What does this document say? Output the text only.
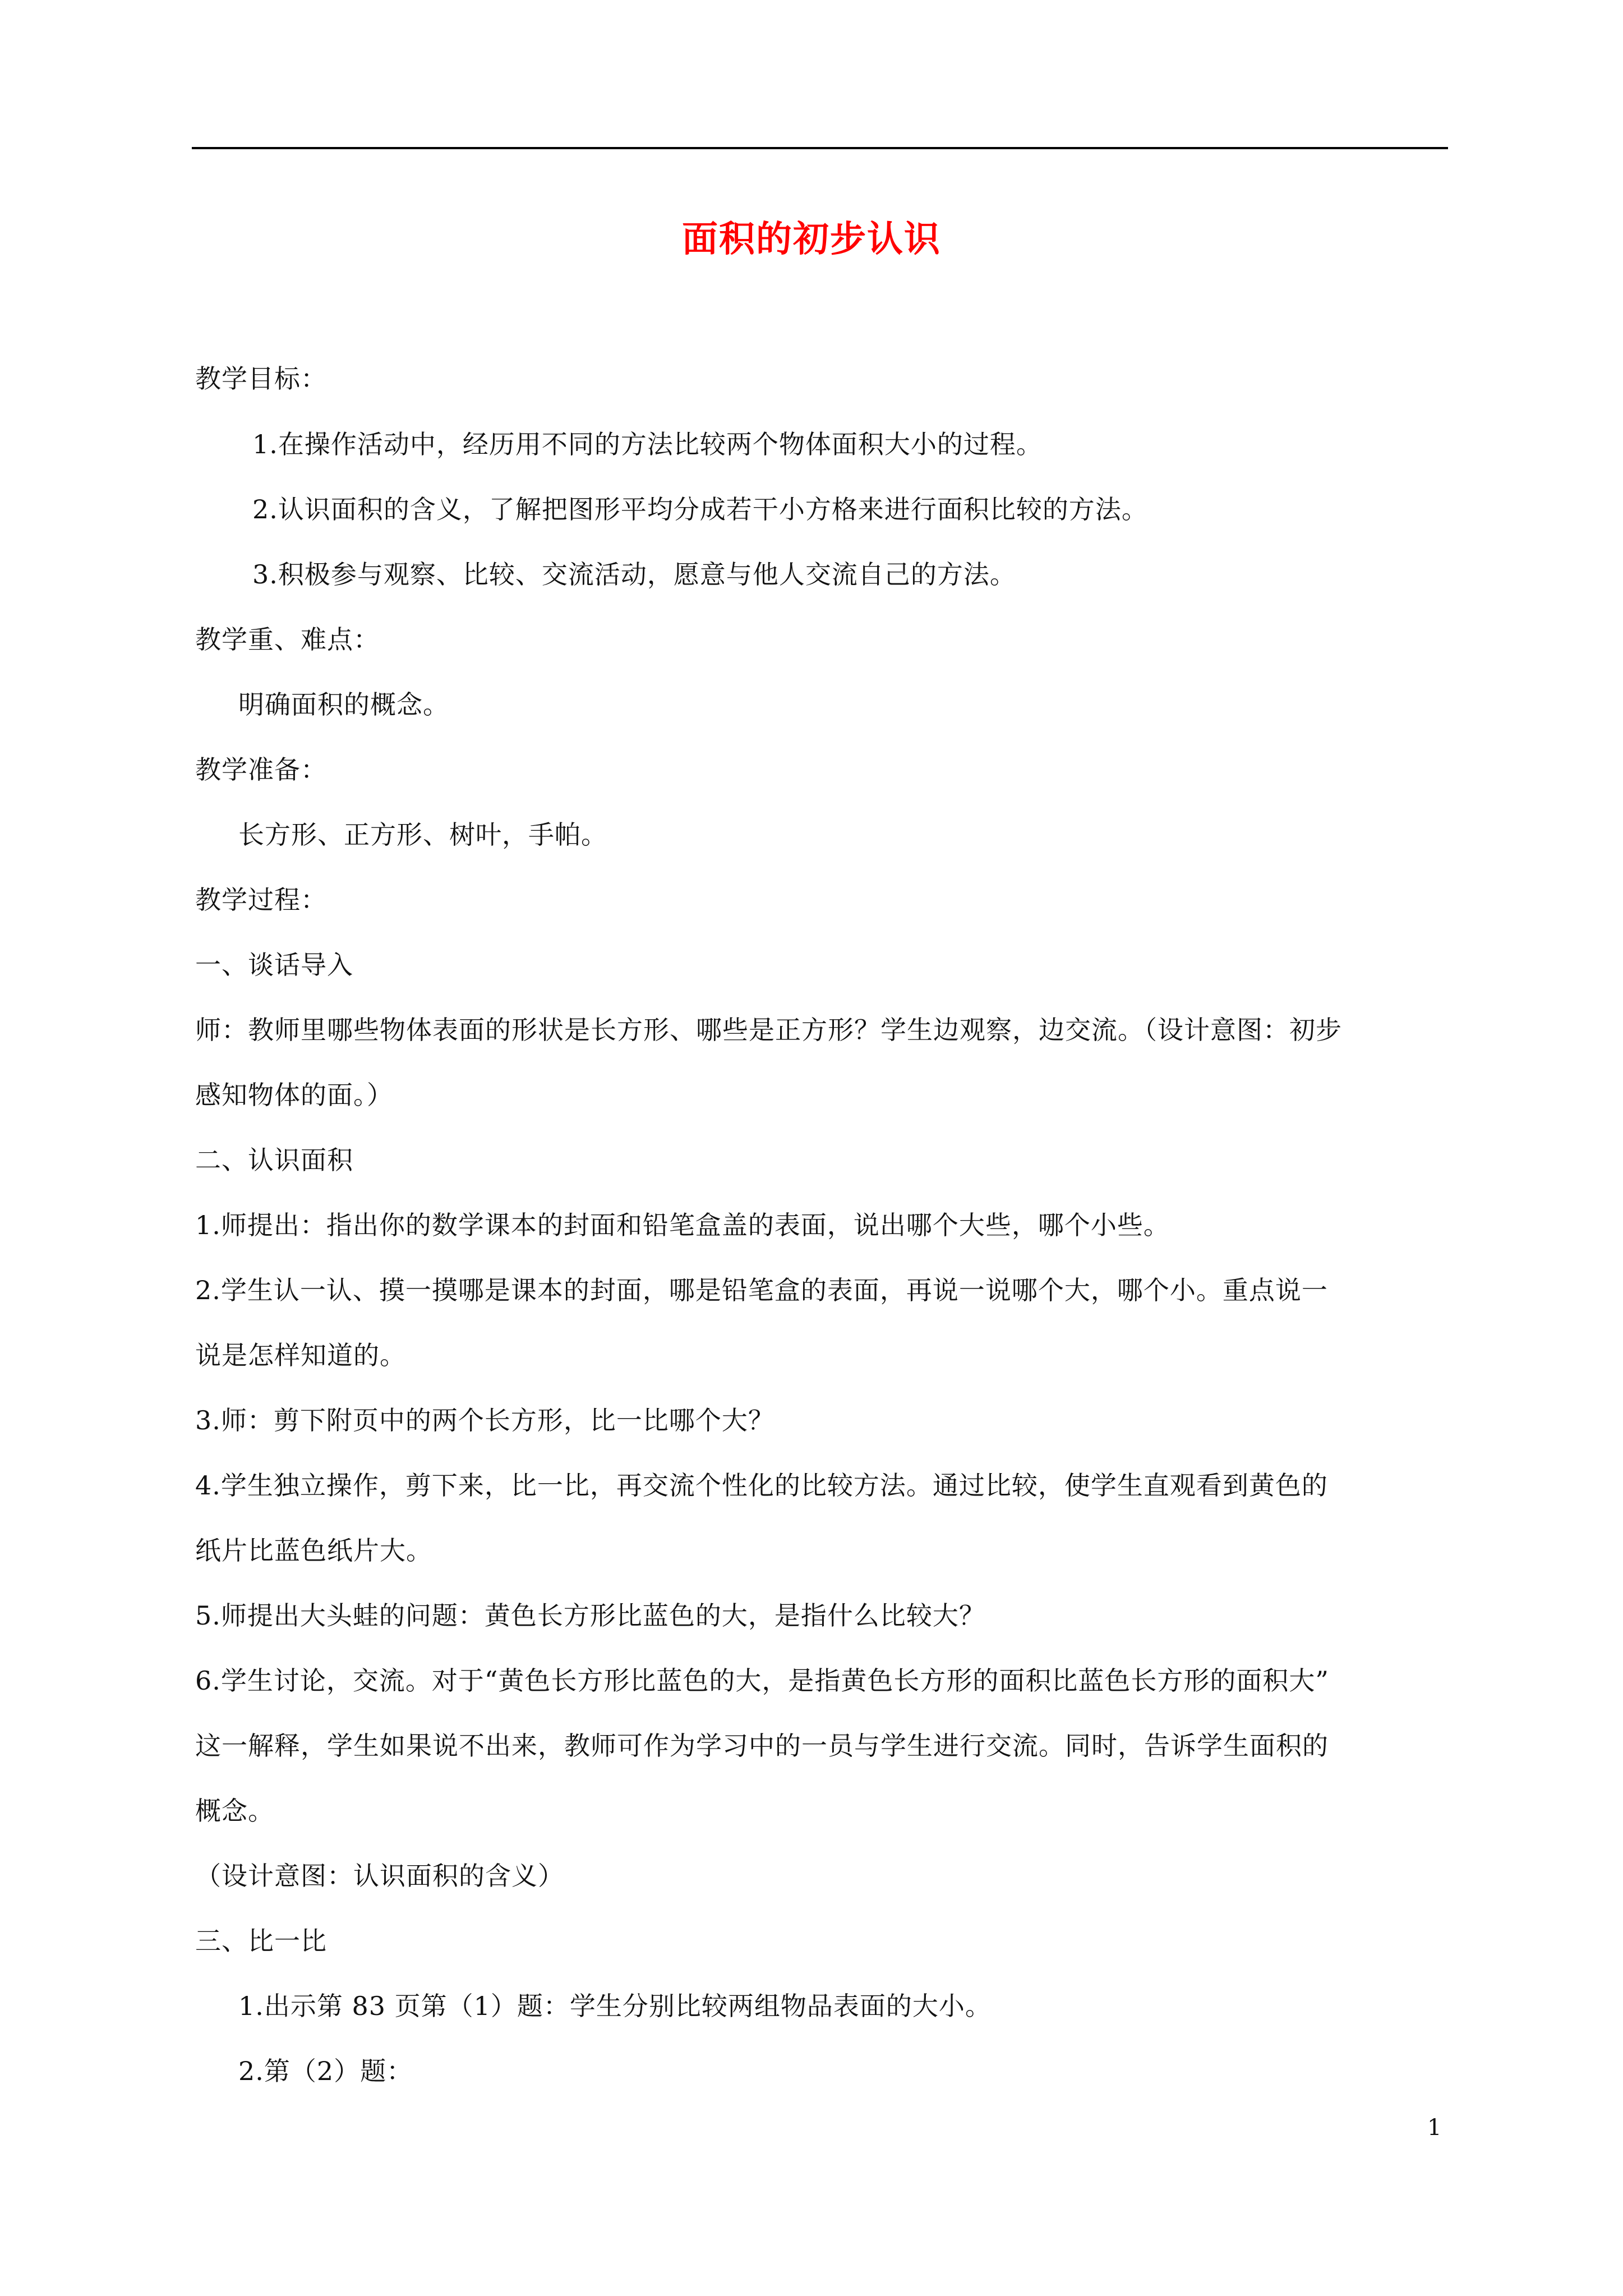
面积的初步认识
教学目标：
1.在操作活动中，经历用不同的方法比较两个物体面积大小的过程。
2.认识面积的含义，了解把图形平均分成若干小方格来进行面积比较的方法。
3.积极参与观察、比较、交流活动，愿意与他人交流自己的方法。
教学重、难点：
明确面积的概念。
教学准备：
长方形、正方形、树叶，手帕。
教学过程：
一、谈话导入
师：教师里哪些物体表面的形状是长方形、哪些是正方形？学生边观察，边交流。（设计意图：初步
感知物体的面。）
二、认识面积
1.师提出：指出你的数学课本的封面和铅笔盒盖的表面，说出哪个大些，哪个小些。
2.学生认一认、摸一摸哪是课本的封面，哪是铅笔盒的表面，再说一说哪个大，哪个小。重点说一
说是怎样知道的。
3.师：剪下附页中的两个长方形，比一比哪个大？
4.学生独立操作，剪下来，比一比，再交流个性化的比较方法。通过比较，使学生直观看到黄色的
纸片比蓝色纸片大。
5.师提出大头蛙的问题：黄色长方形比蓝色的大，是指什么比较大？
6.学生讨论，交流。对于“黄色长方形比蓝色的大，是指黄色长方形的面积比蓝色长方形的面积大”
这一解释，学生如果说不出来，教师可作为学习中的一员与学生进行交流。同时，告诉学生面积的
概念。
（设计意图：认识面积的含义）
三、比一比
1.出示第 83 页第（1）题：学生分别比较两组物品表面的大小。
2.第（2）题：
1
